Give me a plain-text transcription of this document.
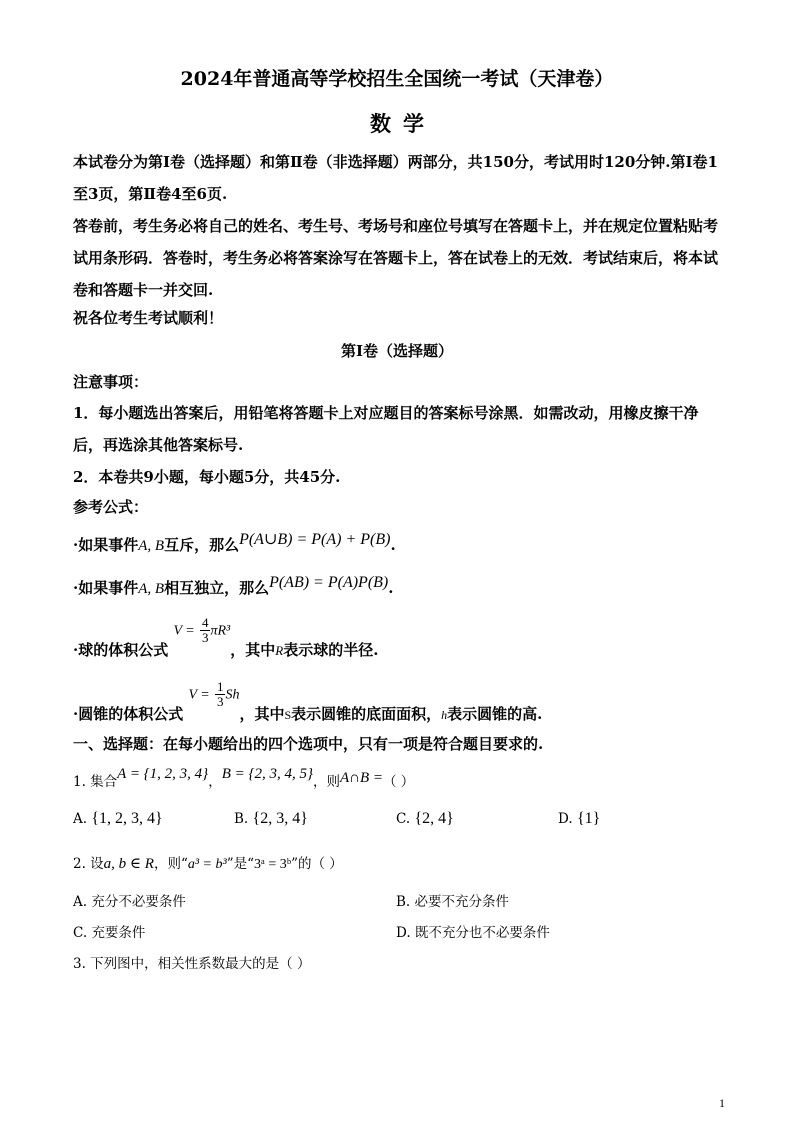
2024年普通高等学校招生全国统一考试（天津卷）
数学
本试卷分为第Ⅰ卷（选择题）和第Ⅱ卷（非选择题）两部分，共150分，考试用时120分钟.第Ⅰ卷1至3页，第Ⅱ卷4至6页.
答卷前，考生务必将自己的姓名、考生号、考场号和座位号填写在答题卡上，并在规定位置粘贴考试用条形码．答卷时，考生务必将答案涂写在答题卡上，答在试卷上的无效．考试结束后，将本试卷和答题卡一并交回.
祝各位考生考试顺利！
第Ⅰ卷（选择题）
注意事项：
1．每小题选出答案后，用铅笔将答题卡上对应题目的答案标号涂黑．如需改动，用橡皮擦干净后，再选涂其他答案标号.
2．本卷共9小题，每小题5分，共45分.
参考公式：
·如果事件A, B互斥，那么P(A∪B) = P(A) + P(B).
·如果事件A, B相互独立，那么P(AB) = P(A)P(B).
·球的体积公式 $V = \frac{4}{3} \pi R^3$，其中R表示球的半径.
·圆锥的体积公式 $V = \frac{1}{3}$ Sh，其中$_S$表示圆锥的底面面积，$_h$表示圆锥的高.
一、选择题：在每小题给出的四个选项中，只有一项是符合题目要求的.
1. 集合A = {1, 2, 3, 4}，B = {2, 3, 4, 5}，则A∩B =（ ）
A. {1, 2, 3, 4}	B. {2, 3, 4}	C. {2, 4}	D. {1}
2. 设a, b ∈ R，则“a³ = b³”是“3ᵃ = 3ᵇ”的（ ）
A. 充分不必要条件	B. 必要不充分条件
C. 充要条件	D. 既不充分也不必要条件
3. 下列图中，相关性系数最大的是（ ）
1
